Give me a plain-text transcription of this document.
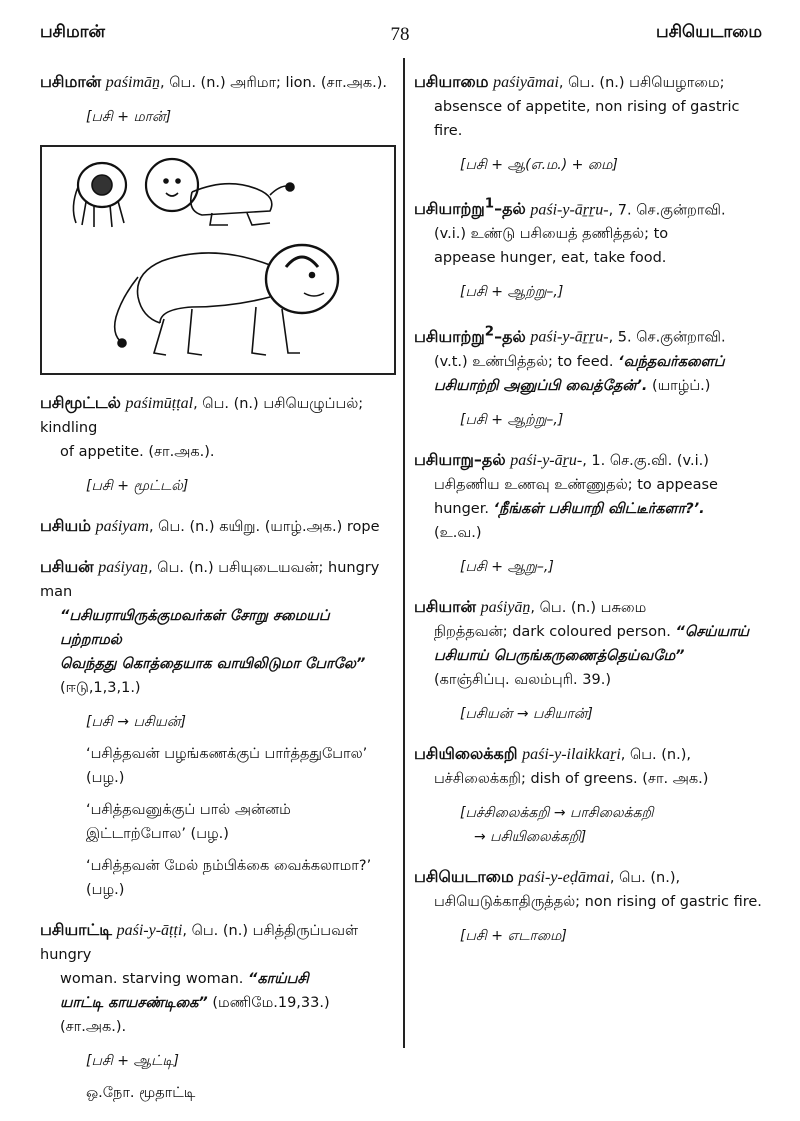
பசிமான்	78	பசியெடாமை
பசிமான் paśimāṉ, பெ. (n.) அரிமா; lion. (சா.அக.).
[பசி + மான்]
பசிமூட்டல் paśimūṭṭal, பெ. (n.) பசியெழுப்பல்; kindling
of appetite. (சா.அக.).
[பசி + மூட்டல்]
பசியம் paśiyam, பெ. (n.) கயிறு. (யாழ்.அக.) rope
பசியன் paśiyaṉ, பெ. (n.) பசியுடையவன்; hungry man
“பசியராயிருக்குமவர்கள் சோறு சமையப் பற்றாமல்
வெந்தது கொத்தையாக வாயிலிடுமா போலே”
(ஈடு,1,3,1.)
[பசி → பசியன்]
‘பசித்தவன் பழங்கணக்குப் பார்த்ததுபோல’
(பழ.)
‘பசித்தவனுக்குப் பால் அன்னம்
இட்டாற்போல’ (பழ.)
‘பசித்தவன் மேல் நம்பிக்கை வைக்கலாமா?’
(பழ.)
பசியாட்டி paśi-y-āṭṭi, பெ. (n.) பசித்திருப்பவள் hungry
woman. starving woman. “காய்பசி
யாட்டி காயசண்டிகை” (மணிமே.19,33.) (சா.அக.).
[பசி + ஆட்டி]
ஒ.நோ. மூதாட்டி
பசியாமை paśiyāmai, பெ. (n.) பசியெழாமை;
absensce of appetite, non rising of gastric fire.
[பசி + ஆ(எ.ம.) + மை]
பசியாற்று$^1$–தல் paśi-y-āṟṟu-, 7. செ.குன்றாவி.
(v.i.) உண்டு பசியைத் தணித்தல்; to
appease hunger, eat, take food.
[பசி + ஆற்று–,]
பசியாற்று$^2$–தல் paśi-y-āṟṟu-, 5. செ.குன்றாவி.
(v.t.) உண்பித்தல்; to feed. ‘வந்தவர்களைப்
பசியாற்றி அனுப்பி வைத்தேன்’. (யாழ்ப்.)
[பசி + ஆற்று–,]
பசியாறு–தல் paśi-y-āṟu-, 1. செ.கு.வி. (v.i.)
பசிதணிய உணவு உண்ணுதல்; to appease
hunger. ‘நீங்கள் பசியாறி விட்டீர்களா?’.
(உ.வ.)
[பசி + ஆறு–,]
பசியான் paśiyāṉ, பெ. (n.) பசுமை
நிறத்தவன்; dark coloured person. “செய்யாய்
பசியாய் பெருங்கருணைத்தெய்வமே”
(காஞ்சிப்பு. வலம்புரி. 39.)
[பசியன் → பசியான்]
பசியிலைக்கறி paśi-y-ilaikkaṟi, பெ. (n.),
பச்சிலைக்கறி; dish of greens. (சா. அக.)
[பச்சிலைக்கறி → பாசிலைக்கறி
→ பசியிலைக்கறி]
பசியெடாமை paśi-y-eḍāmai, பெ. (n.),
பசியெடுக்காதிருத்தல்; non rising of gastric fire.
[பசி + எடாமை]
